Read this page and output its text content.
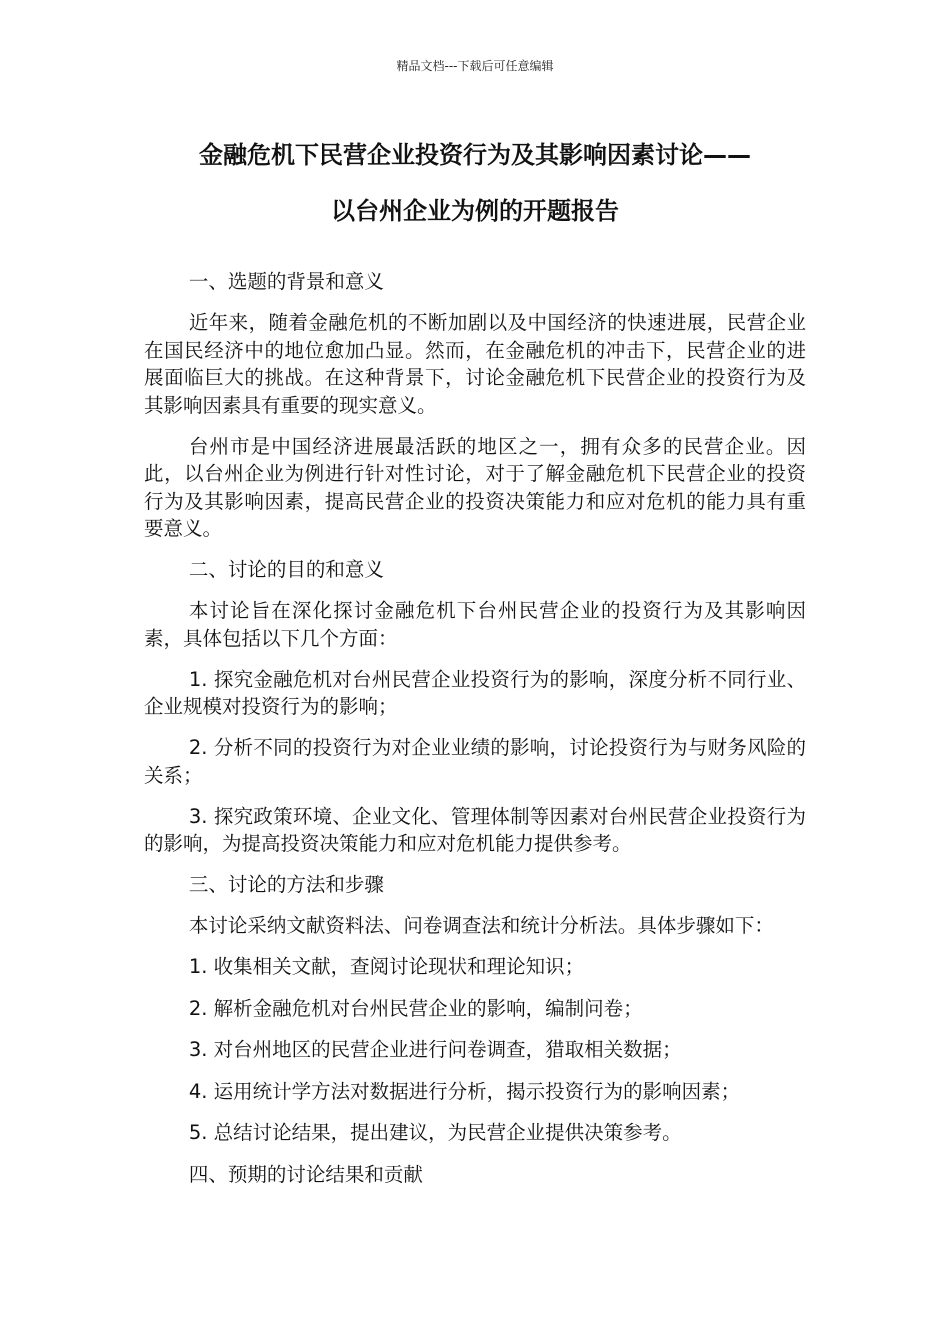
精品文档---下载后可任意编辑
金融危机下民营企业投资行为及其影响因素讨论——
以台州企业为例的开题报告

一、选题的背景和意义

近年来，随着金融危机的不断加剧以及中国经济的快速进展，民营企业在国民经济中的地位愈加凸显。然而，在金融危机的冲击下，民营企业的进展面临巨大的挑战。在这种背景下，讨论金融危机下民营企业的投资行为及其影响因素具有重要的现实意义。

台州市是中国经济进展最活跃的地区之一，拥有众多的民营企业。因此，以台州企业为例进行针对性讨论，对于了解金融危机下民营企业的投资行为及其影响因素，提高民营企业的投资决策能力和应对危机的能力具有重要意义。

二、讨论的目的和意义

本讨论旨在深化探讨金融危机下台州民营企业的投资行为及其影响因素，具体包括以下几个方面：

1. 探究金融危机对台州民营企业投资行为的影响，深度分析不同行业、企业规模对投资行为的影响；

2. 分析不同的投资行为对企业业绩的影响，讨论投资行为与财务风险的关系；

3. 探究政策环境、企业文化、管理体制等因素对台州民营企业投资行为的影响，为提高投资决策能力和应对危机能力提供参考。

三、讨论的方法和步骤

本讨论采纳文献资料法、问卷调查法和统计分析法。具体步骤如下：

1. 收集相关文献，查阅讨论现状和理论知识；

2. 解析金融危机对台州民营企业的影响，编制问卷；

3. 对台州地区的民营企业进行问卷调查，猎取相关数据；

4. 运用统计学方法对数据进行分析，揭示投资行为的影响因素；

5. 总结讨论结果，提出建议，为民营企业提供决策参考。

四、预期的讨论结果和贡献
